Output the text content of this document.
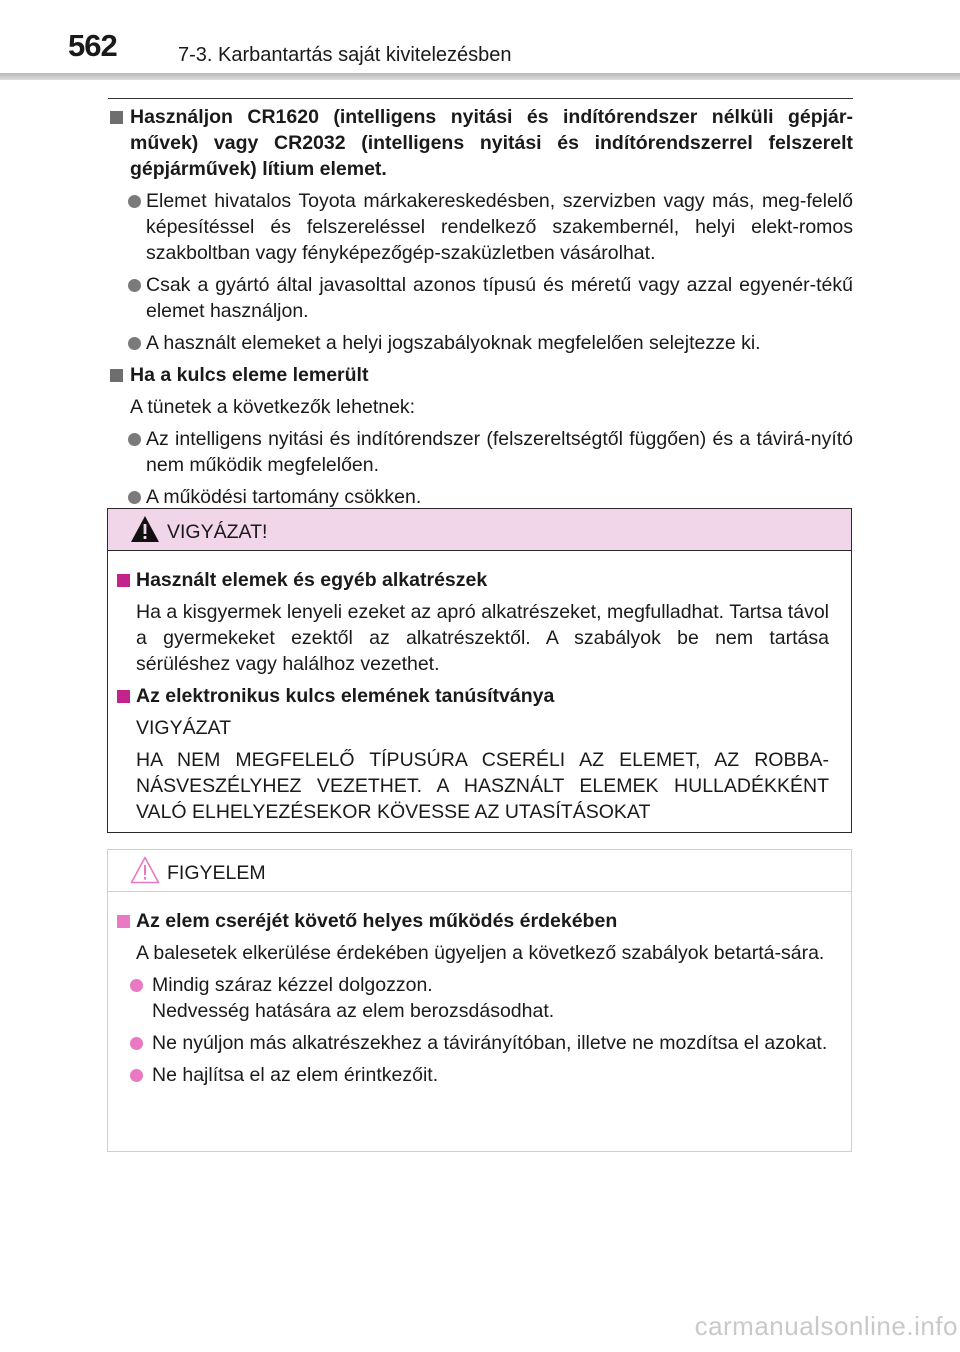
562	7-3. Karbantartás saját kivitelezésben
Használjon CR1620 (intelligens nyitási és indítórendszer nélküli gépjár-művek) vagy CR2032 (intelligens nyitási és indítórendszerrel felszerelt gépjárművek) lítium elemet.
Elemet hivatalos Toyota márkakereskedésben, szervizben vagy más, meg-felelő képesítéssel és felszereléssel rendelkező szakembernél, helyi elekt-romos szakboltban vagy fényképezőgép-szaküzletben vásárolhat.
Csak a gyártó által javasolttal azonos típusú és méretű vagy azzal egyenér-tékű elemet használjon.
A használt elemeket a helyi jogszabályoknak megfelelően selejtezze ki.
Ha a kulcs eleme lemerült
A tünetek a következők lehetnek:
Az intelligens nyitási és indítórendszer (felszereltségtől függően) és a távirá-nyító nem működik megfelelően.
A működési tartomány csökken.
VIGYÁZAT!
Használt elemek és egyéb alkatrészek
Ha a kisgyermek lenyeli ezeket az apró alkatrészeket, megfulladhat. Tartsa távol a gyermekeket ezektől az alkatrészektől. A szabályok be nem tartása sérüléshez vagy halálhoz vezethet.
Az elektronikus kulcs elemének tanúsítványa
VIGYÁZAT
HA NEM MEGFELELŐ TÍPUSÚRA CSERÉLI AZ ELEMET, AZ ROBBA-NÁSVESZÉLYHEZ VEZETHET. A HASZNÁLT ELEMEK HULLADÉKKÉNT VALÓ ELHELYEZÉSEKOR KÖVESSE AZ UTASÍTÁSOKAT
FIGYELEM
Az elem cseréjét követő helyes működés érdekében
A balesetek elkerülése érdekében ügyeljen a következő szabályok betartá-sára.
Mindig száraz kézzel dolgozzon.
Nedvesség hatására az elem berozsdásodhat.
Ne nyúljon más alkatrészekhez a távirányítóban, illetve ne mozdítsa el azokat.
Ne hajlítsa el az elem érintkezőit.
carmanualsonline.info
